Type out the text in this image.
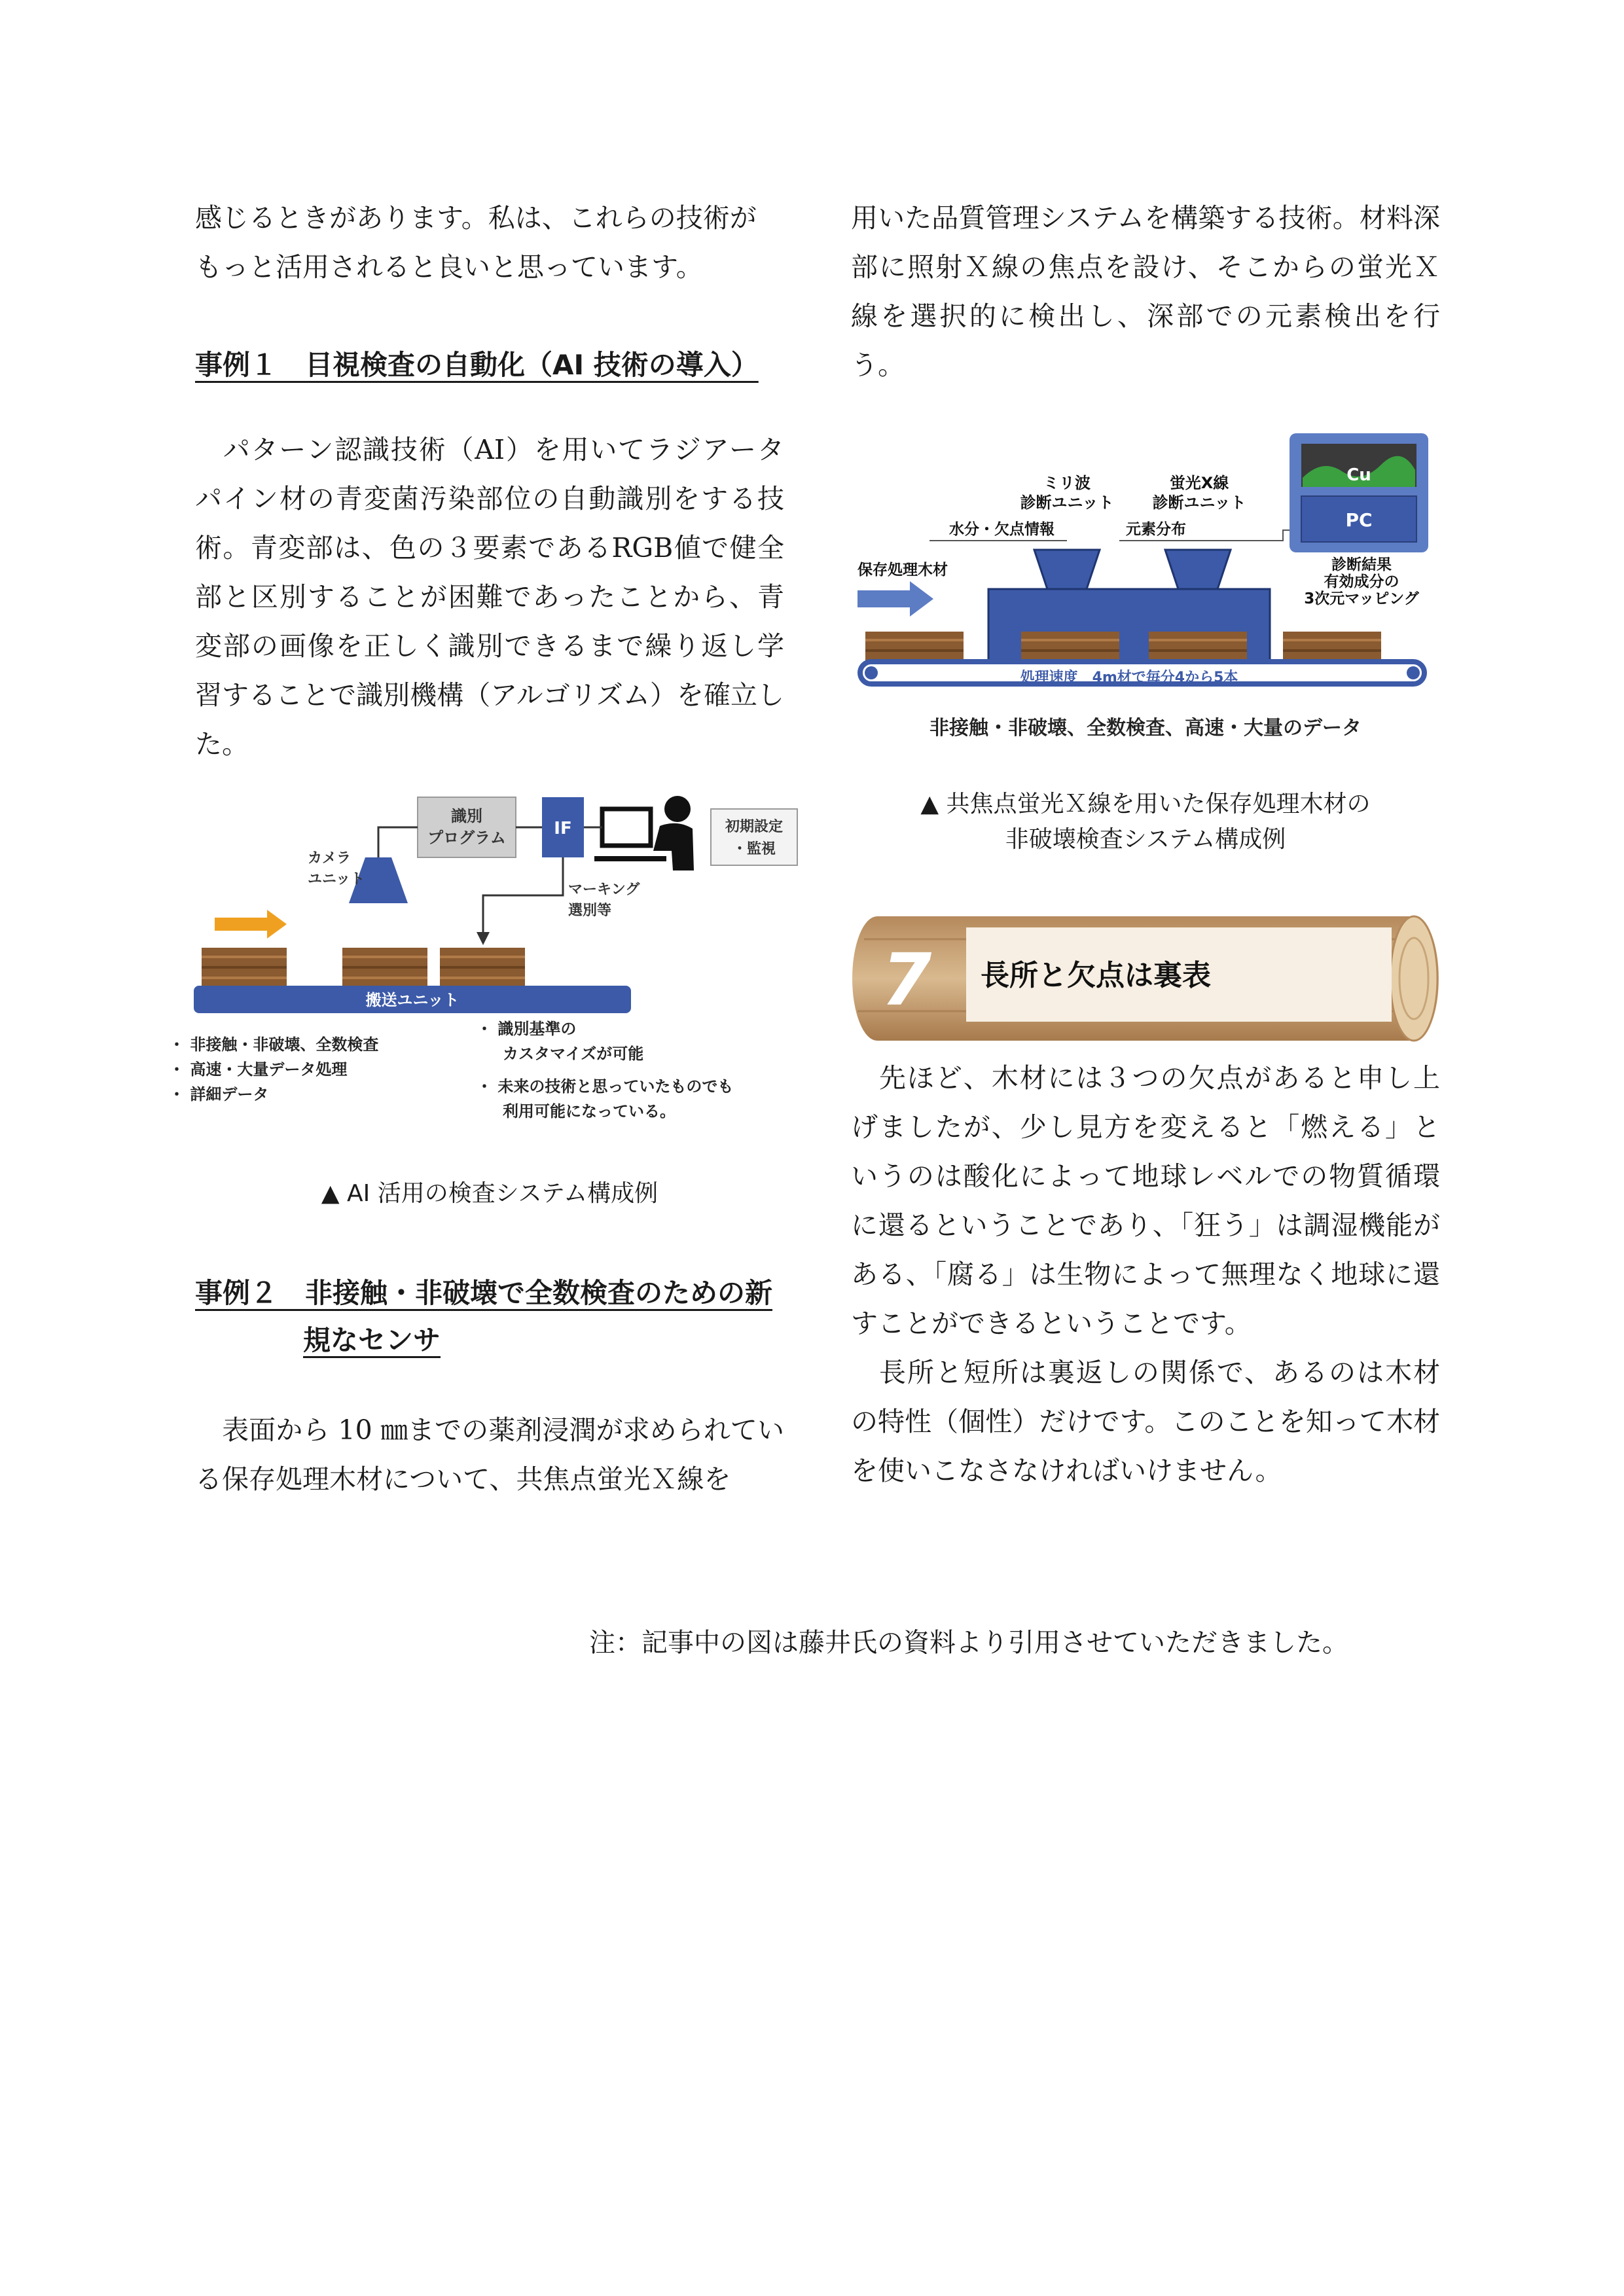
感じるときがあります。私は、これらの技術が

もっと活用されると良いと思っています。

事例１　目視検査の自動化（AI 技術の導入）

　パターン認識技術（AI）を用いてラジアータパイン材の青変菌汚染部位の自動識別をする技術。青変部は、色の３要素であるRGB値で健全部と区別することが困難であったことから、青変部の画像を正しく識別できるまで繰り返し学習することで識別機構（アルゴリズム）を確立した。

識別
プログラム	IF	初期設定
・監視
カメラ
ユニット
マーキング
選別等
搬送ユニット
・ 非接触・非破壊、全数検査
・ 高速・大量データ処理
・ 詳細データ
・ 識別基準の
カスタマイズが可能
・ 未来の技術と思っていたものでも
利用可能になっている。

▲ AI 活用の検査システム構成例

事例２　非接触・非破壊で全数検査のための新
規なセンサ

　表面から 10 ㎜までの薬剤浸潤が求められている保存処理木材について、共焦点蛍光Ｘ線を

用いた品質管理システムを構築する技術。材料深部に照射Ｘ線の焦点を設け、そこからの蛍光Ｘ線を選択的に検出し、深部での元素検出を行う。

Cu
PC
ミリ波
診断ユニット
蛍光X線
診断ユニット
水分・欠点情報	元素分布
保存処理木材	診断結果
有効成分の
3次元マッピング
処理速度　4m材で毎分4から5本
非接触・非破壊、全数検査、高速・大量のデータ

▲ 共焦点蛍光Ｘ線を用いた保存処理木材の

非破壊検査システム構成例

　先ほど、木材には３つの欠点があると申し上げましたが、少し見方を変えると「燃える」というのは酸化によって地球レベルでの物質循環に還るということであり、「狂う」は調湿機能がある、「腐る」は生物によって無理なく地球に還すことができるということです。

　長所と短所は裏返しの関係で、あるのは木材の特性（個性）だけです。このことを知って木材を使いこなさなければいけません。

7 長所と欠点は裏表

注：記事中の図は藤井氏の資料より引用させていただきました。
